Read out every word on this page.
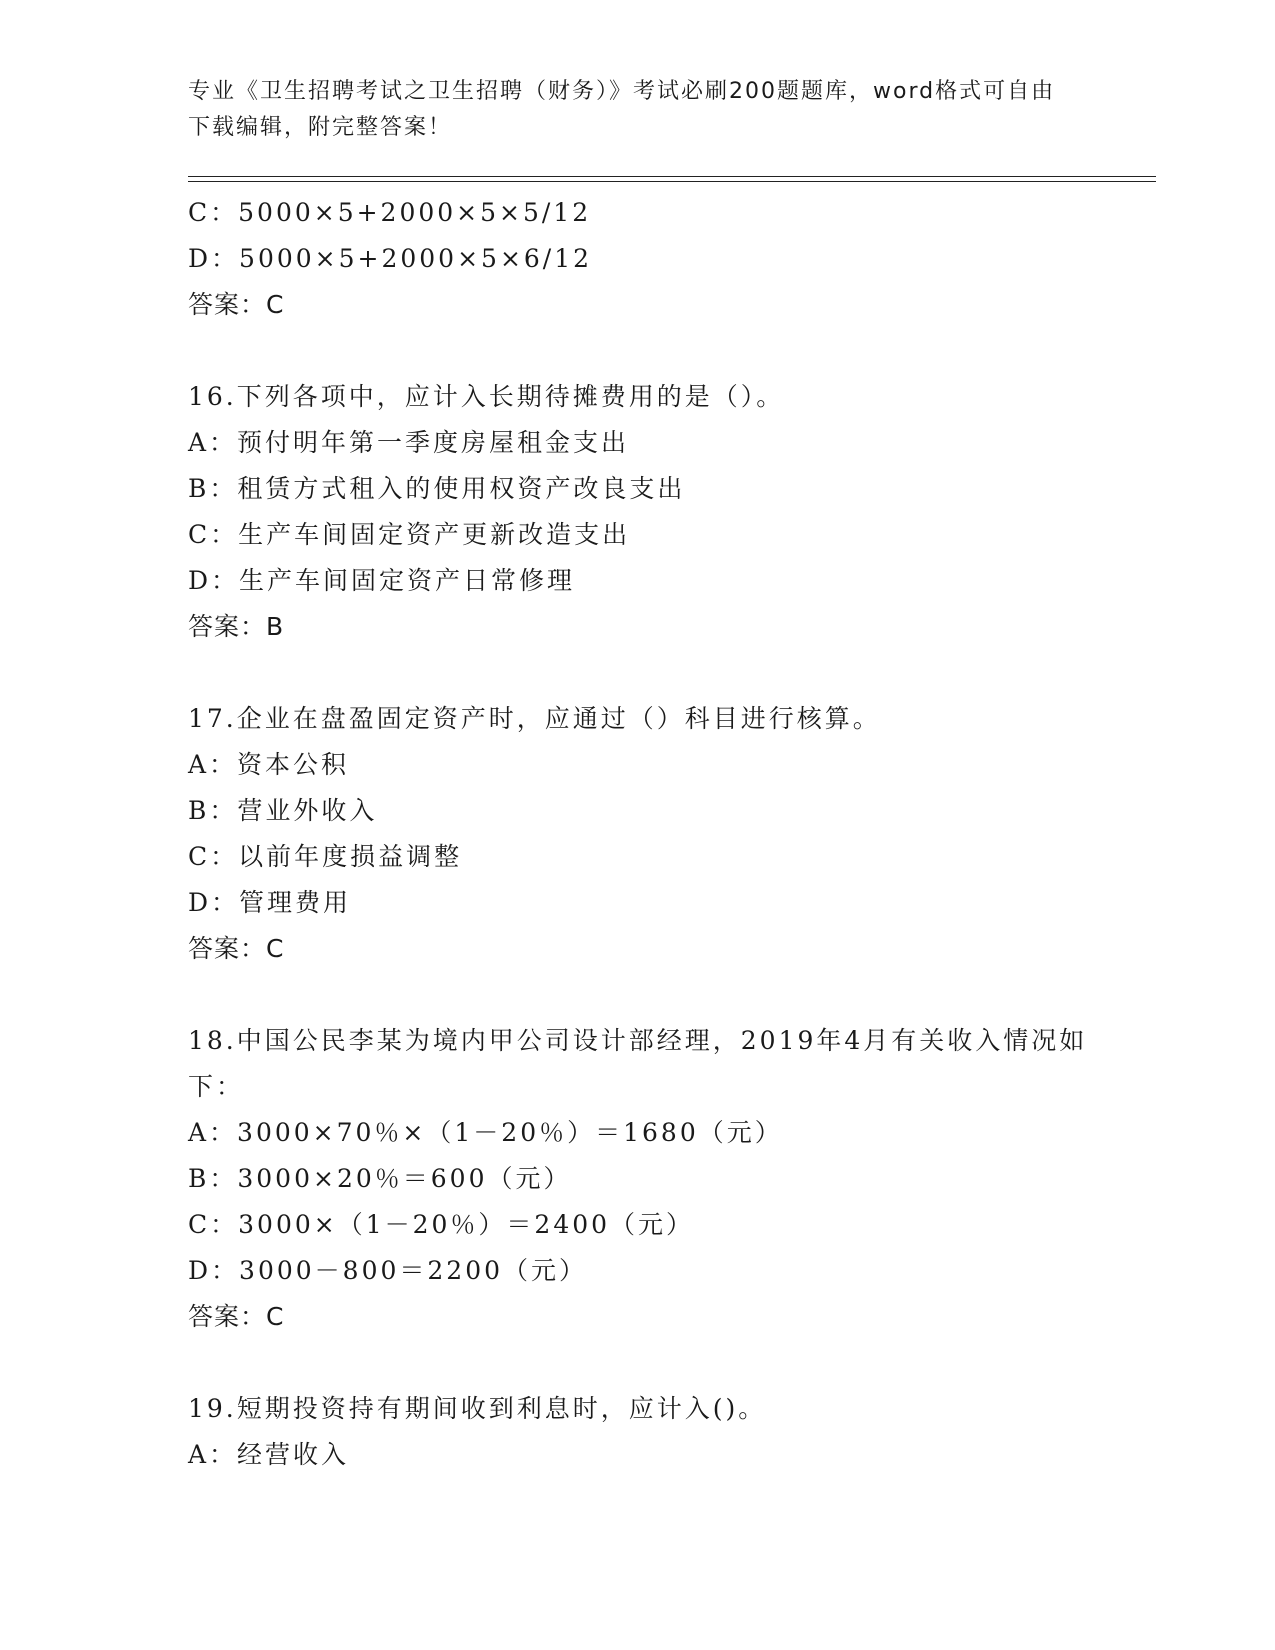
专业《卫生招聘考试之卫生招聘（财务）》考试必刷200题题库，word格式可自由下载编辑，附完整答案！
C：5000×5+2000×5×5/12
D：5000×5+2000×5×6/12
答案：C
16.下列各项中，应计入长期待摊费用的是（）。
A：预付明年第一季度房屋租金支出
B：租赁方式租入的使用权资产改良支出
C：生产车间固定资产更新改造支出
D：生产车间固定资产日常修理
答案：B
17.企业在盘盈固定资产时，应通过（）科目进行核算。
A：资本公积
B：营业外收入
C：以前年度损益调整
D：管理费用
答案：C
18.中国公民李某为境内甲公司设计部经理，2019年4月有关收入情况如下：
A：3000×70％×（1－20％）＝1680（元）
B：3000×20％＝600（元）
C：3000×（1－20％）＝2400（元）
D：3000－800＝2200（元）
答案：C
19.短期投资持有期间收到利息时，应计入()。
A：经营收入
